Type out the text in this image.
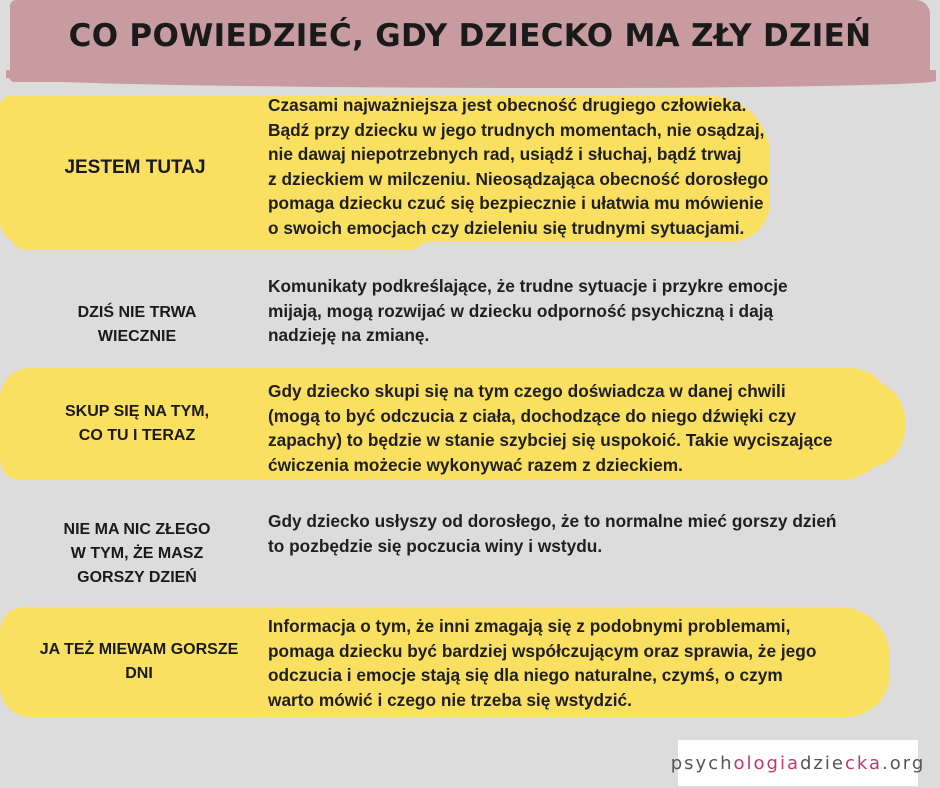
CO POWIEDZIEĆ, GDY DZIECKO MA ZŁY DZIEŃ

JESTEM TUTAJ

Czasami najważniejsza jest obecność drugiego człowieka.
Bądź przy dziecku w jego trudnych momentach, nie osądzaj,
nie dawaj niepotrzebnych rad, usiądź i słuchaj, bądź trwaj
z dzieckiem w milczeniu. Nieosądzająca obecność dorosłego
pomaga dziecku czuć się bezpiecznie i ułatwia mu mówienie
o swoich emocjach czy dzieleniu się trudnymi sytuacjami.

DZIŚ NIE TRWA
WIECZNIE

Komunikaty podkreślające, że trudne sytuacje i przykre emocje
mijają, mogą rozwijać w dziecku odporność psychiczną i dają
nadzieję na zmianę.

SKUP SIĘ NA TYM,
CO TU I TERAZ

Gdy dziecko skupi się na tym czego doświadcza w danej chwili
(mogą to być odczucia z ciała, dochodzące do niego dźwięki czy
zapachy) to będzie w stanie szybciej się uspokoić. Takie wyciszające
ćwiczenia możecie wykonywać razem z dzieckiem.

NIE MA NIC ZŁEGO
W TYM, ŻE MASZ
GORSZY DZIEŃ

Gdy dziecko usłyszy od dorosłego, że to normalne mieć gorszy dzień
to pozbędzie się poczucia winy i wstydu.

JA TEŻ MIEWAM GORSZE
DNI

Informacja o tym, że inni zmagają się z podobnymi problemami,
pomaga dziecku być bardziej współczującym oraz sprawia, że jego
odczucia i emocje stają się dla niego naturalne, czymś, o czym
warto mówić i czego nie trzeba się wstydzić.

psychologiadziecka.org
